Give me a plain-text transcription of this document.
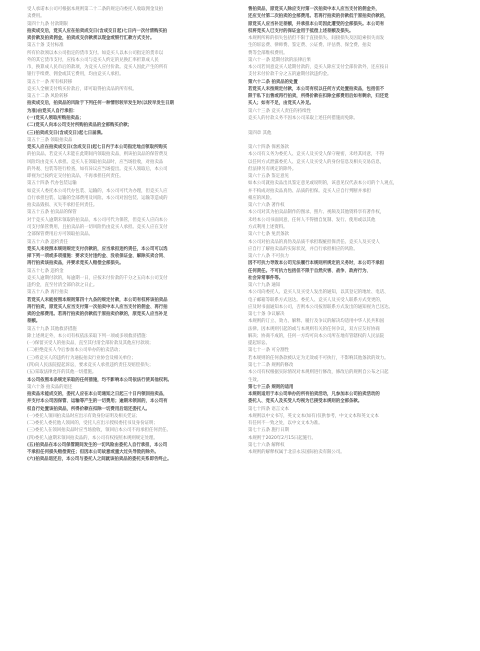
受人承诺本公司可根据本规则第二十二条的规定向委托人收取佣金及拍
卖费用。
第四十九条 付款期限
拍卖成交后，竞买人应在拍卖成交日(含成交日起)七日内一次付清购买拍
卖价款及拍卖佣金，拍卖成交价款须以现金或银行汇款方式支付。
第五十条 支付标准
所有价款须以本公司指定的货币支付。如竞买人以本公司指定的货币以
外的其它货币支付，应按本公司与竞买人约定的兑换汇率折算成人民
币，换算成人民币后的款项，为竞买人应付价款。竞买人因此产生的所有
银行手续费、佣金或其它费用，均由竞买人承担。
第五十一条 所有权转移
竞买人全额支付购买价款后，即可取得拍卖品的所有权。
第五十二条 风险转移
拍卖成交后，拍卖品的风险于下列任何一种情形较早发生时(以较早发生日期
为准)由竞买人自行承担：
(一)竞买人领取所购拍卖品；
(二)竞买人向本公司支付所购拍卖品的全部购买价款；
(三)拍卖成交日(含成交日)起七日届满。
第五十三条 领取拍卖品
竞买人应在拍卖成交日(含成交日)起七日内于本公司指定地点领取所购买
的拍卖品。若竞买人未能在此期间内领取拍卖品，则该拍卖品的保管费及
风险均由竞买人承担。竞买人在领取拍卖品时，应当场验收，对拍卖品
的外观、包装等进行检查，如有异议应当场提出。竞买人领取后，本公司
即视为已按约定交付拍卖品，不再承担任何责任。
第五十四条 代办包装运输
如竞买人委托本公司代办包装、运输的，本公司可代为办理，但竞买人应
自行承担包装、运输的全部费用及风险。本公司对因包装、运输等造成的
拍卖品毁损、灭失不承担任何责任。
第五十五条 拍卖品的保管
对于竞买人逾期未领取的拍卖品，本公司可代为保管，但竞买人应向本公
司支付保管费用，且拍卖品的一切风险仍由竞买人承担。竞买人应在支付
全部保管费用后方可领取拍卖品。
第五十六条 违约责任
竞买人未按照本规则规定支付价款的，应当承担违约责任，本公司可以选
择下列一项或多项措施：要求支付违约金、没收保证金、解除买卖合同、
再行拍卖该拍卖品，并要求竞买人赔偿全部损失。
第五十七条 违约金
竞买人逾期付款的，每逾期一日，应按未付价款的千分之五向本公司支付
违约金，直至付清全部价款之日止。
第五十八条 再行拍卖
若竞买人未能按照本规则第四十九条的规定付款，本公司有权将该拍卖品
再行拍卖，原竞买人应当支付第一次拍卖中本人应当支付的佣金、再行拍
卖的全部费用。若再行拍卖的价款低于原拍卖价款的，原竞买人应当补足
差额。
第五十九条 其他救济措施
除上述规定外，本公司有权依法采取下列一项或多项救济措施：
(一)保留买受人的拍卖品，直至其付清全部价款及其他应付款项；
(二)拒绝竞买人今后参加本公司举办的拍卖活动；
(三)将竞买人的违约行为通报拍卖行业协会及相关单位；
(四)向人民法院提起诉讼，要求竞买人承担违约责任及赔偿损失；
(五)采取法律允许的其他一切措施。
本公司依照本条规定采取的任何措施，均不影响本公司依法行使其他权利。
第六十条 拍卖品的退还
拍卖品未能成交的，委托人应在本公司通知之日起三十日内领回拍卖品，
并支付本公司因保管、运输等产生的一切费用；逾期未领回的，本公司有
权自行处置该拍卖品，所得价款在扣除一切费用后退还委托人。
(一)委托人领回拍卖品时应出示有效身份证明及相关凭证；
(二)委托人委托他人领回的，受托人应出示授权委托书及身份证明；
(三)委托人在领回拍卖品时应当场验收，领回后本公司不再承担任何责任。
(四)委托人逾期未领回拍卖品的，本公司有权按照本规则规定处理。
(五)拍卖品在本公司保管期间发生的一切风险由委托人自行承担，本公司
不承担任何损失赔偿责任；但因本公司故意或重大过失导致的除外。
(六)拍卖品退还后，本公司与委托人之间就该拍卖品的委托关系即告终止。
售拍卖品，原竞买人除应支付第一次拍卖中本人应当支付的佣金外，
还应支付第二次拍卖的全部费用。若再行拍卖的价款低于原拍卖价款的，
原竞买人应当补足差额，并承担本公司因此遭受的全部损失。本公司有
权将竞买人已支付的保证金用于抵偿上述差额及损失。
本规则所称的损失包括但不限于直接损失、间接损失及因追索损失而发
生的诉讼费、律师费、鉴定费、公证费、评估费、保全费、拍卖
费等全部维权费用。
第六十一条 延期付款的法律后果
本公司若同意竞买人延期付款的，竞买人除应支付全部价款外，还应按日
支付未付价款千分之五的逾期付款违约金。
第六十二条 拍卖品的处置
若竞买人未按规定付款，本公司有权以任何方式处置拍卖品，包括但不
限于私下出售或再行拍卖，所得价款在扣除全部费用后如有剩余，归还竞
买人；如有不足，由竞买人补足。
第六十三条 竞买人责任的持续性
竞买人的付款义务不因本公司采取上述任何措施而免除。
第四章 其他
第六十四条 保密条款
本公司有义务为委托人、竞买人及买受人保守秘密，未经其同意，不得
以任何方式泄露委托人、竞买人及买受人的身份信息及相关交易信息，
但法律另有规定的除外。
第六十五条 鉴定意见
如本公司就拍卖品出具鉴定意见或说明的，该意见仅代表本公司的个人观点，
并不构成对拍卖品真伪、品质的担保。竞买人应自行判断并承担
相应的风险。
第六十六条 著作权
本公司对其为拍卖品制作的图录、照片、视频及其他资料享有著作权，
未经本公司书面同意，任何人不得擅自复制、发行、使用或以其他
方式利用上述资料。
第六十七条 免责条款
本公司对拍卖品的真伪及品质不承担瑕疵担保责任。竞买人及买受人
应自行了解拍卖品的实际状况，并自行承担相应的风险。
第六十八条 不可抗力
因不可抗力导致本公司无法履行本规则所规定的义务时，本公司不承担
任何责任。不可抗力包括但不限于自然灾害、战争、政府行为、
社会异常事件等。
第六十九条 通知
本公司向委托人、竞买人及买受人发出的通知，以其登记的地址、电话、
电子邮箱等联系方式送达。委托人、竞买人及买受人联系方式变更的，
应及时书面通知本公司，否则本公司按原联系方式发出的通知视为已送达。
第七十条 争议解决
本规则的订立、效力、解释、履行及争议的解决均适用中华人民共和国
法律。因本规则引起的或与本规则有关的任何争议，双方应友好协商
解决；协商不成的，任何一方均可向本公司所在地有管辖权的人民法院
提起诉讼。
第七十一条 可分割性
若本规则的任何条款被认定为无效或不可执行，不影响其他条款的效力。
第七十二条 规则的修改
本公司有权根据实际情况对本规则进行修改，修改后的规则自公布之日起
生效。
第七十三条 规则的适用
本规则适用于本公司举办的所有拍卖活动，凡参加本公司拍卖活动的
委托人、竞买人及买受人均视为已接受本规则的全部条款。
第七十四条 语言文本
本规则以中文书写，英文文本(如有)仅供参考，中文文本和英文文本
有任何不一致之处，以中文文本为准。
第七十五条 施行日期
本规则于2020年2月15日起施行。
第七十六条 解释权
本规则的解释权属于北京永乐国际拍卖有限公司。
